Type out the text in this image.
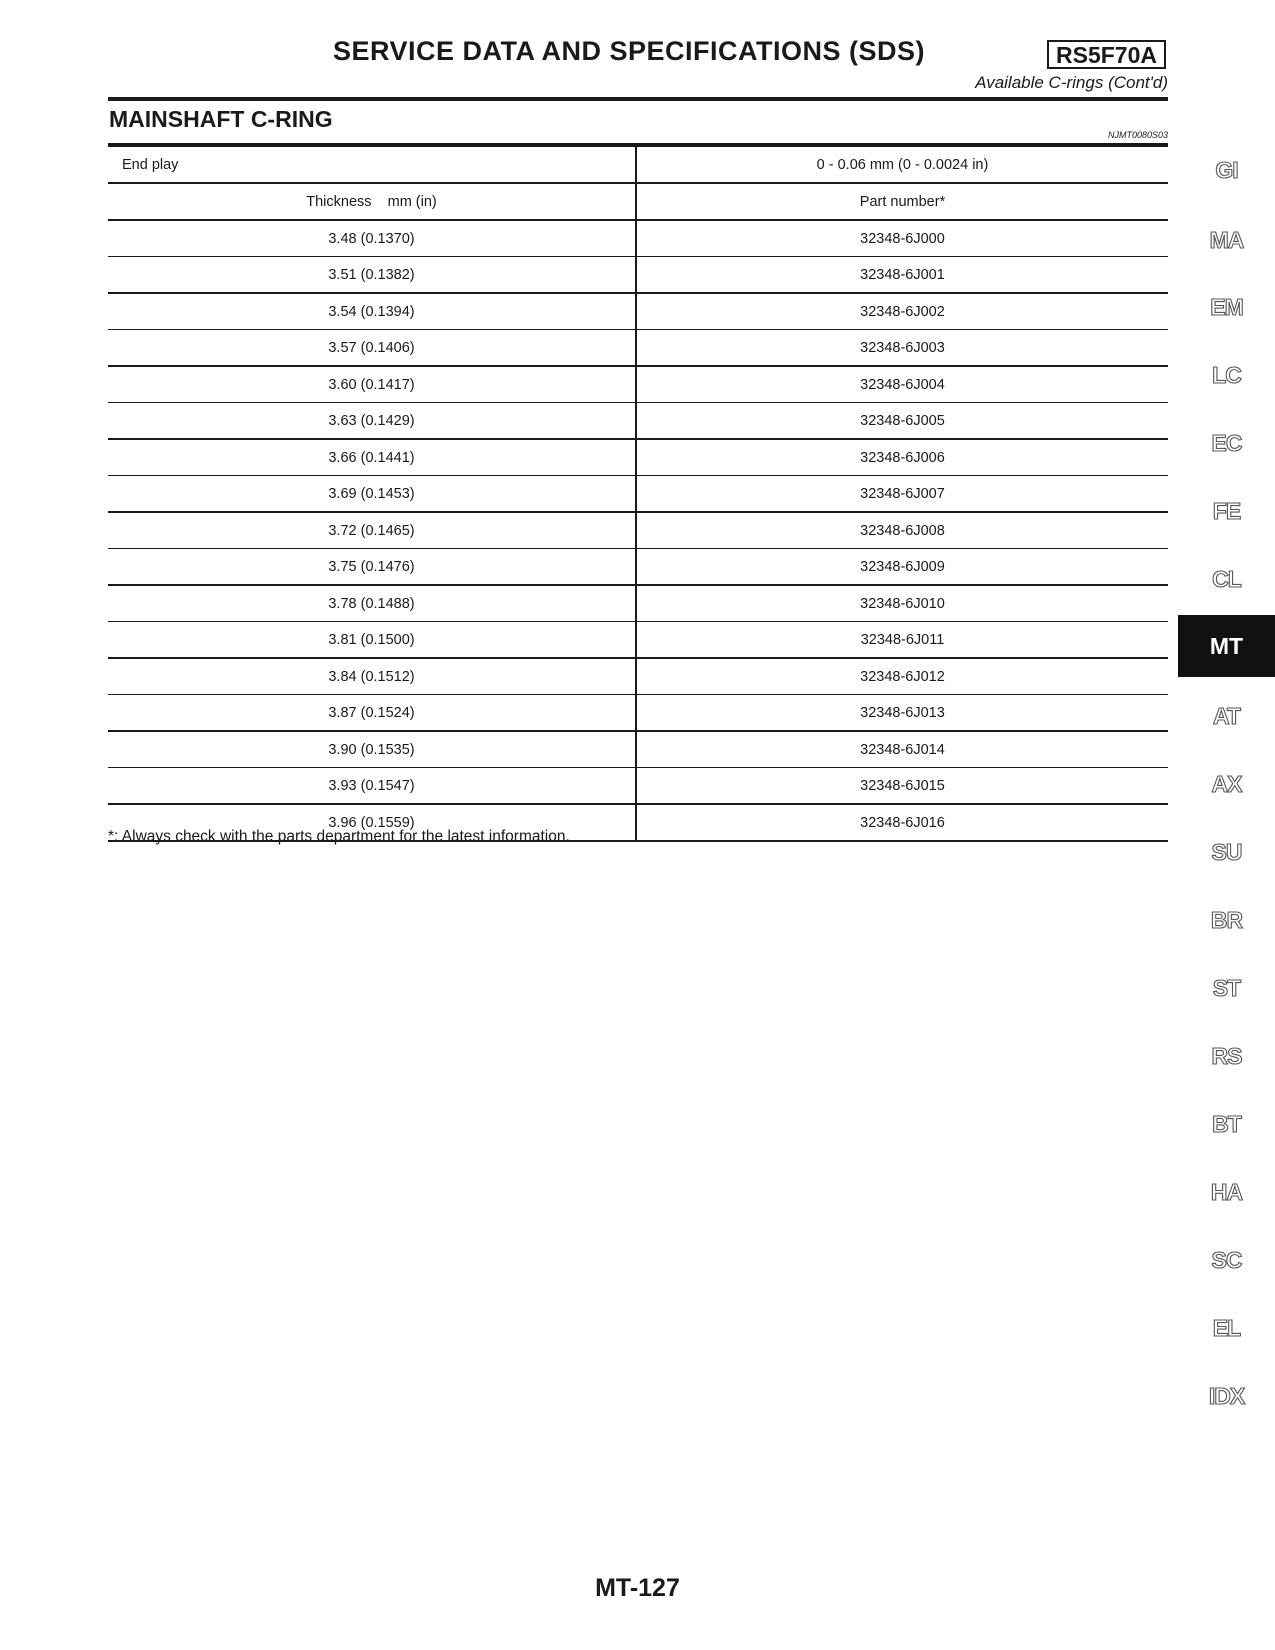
SERVICE DATA AND SPECIFICATIONS (SDS)	RS5F70A
Available C-rings (Cont'd)
MAINSHAFT C-RING
NJMT0080S03
End play	0 - 0.06 mm (0 - 0.0024 in)
Thickness    mm (in)	Part number*
3.48 (0.1370)	32348-6J000
3.51 (0.1382)	32348-6J001
3.54 (0.1394)	32348-6J002
3.57 (0.1406)	32348-6J003
3.60 (0.1417)	32348-6J004
3.63 (0.1429)	32348-6J005
3.66 (0.1441)	32348-6J006
3.69 (0.1453)	32348-6J007
3.72 (0.1465)	32348-6J008
3.75 (0.1476)	32348-6J009
3.78 (0.1488)	32348-6J010
3.81 (0.1500)	32348-6J011
3.84 (0.1512)	32348-6J012
3.87 (0.1524)	32348-6J013
3.90 (0.1535)	32348-6J014
3.93 (0.1547)	32348-6J015
3.96 (0.1559)	32348-6J016
*: Always check with the parts department for the latest information.
GI
MA
EM
LC
EC
FE
CL
MT
AT
AX
SU
BR
ST
RS
BT
HA
SC
EL
IDX
MT-127
